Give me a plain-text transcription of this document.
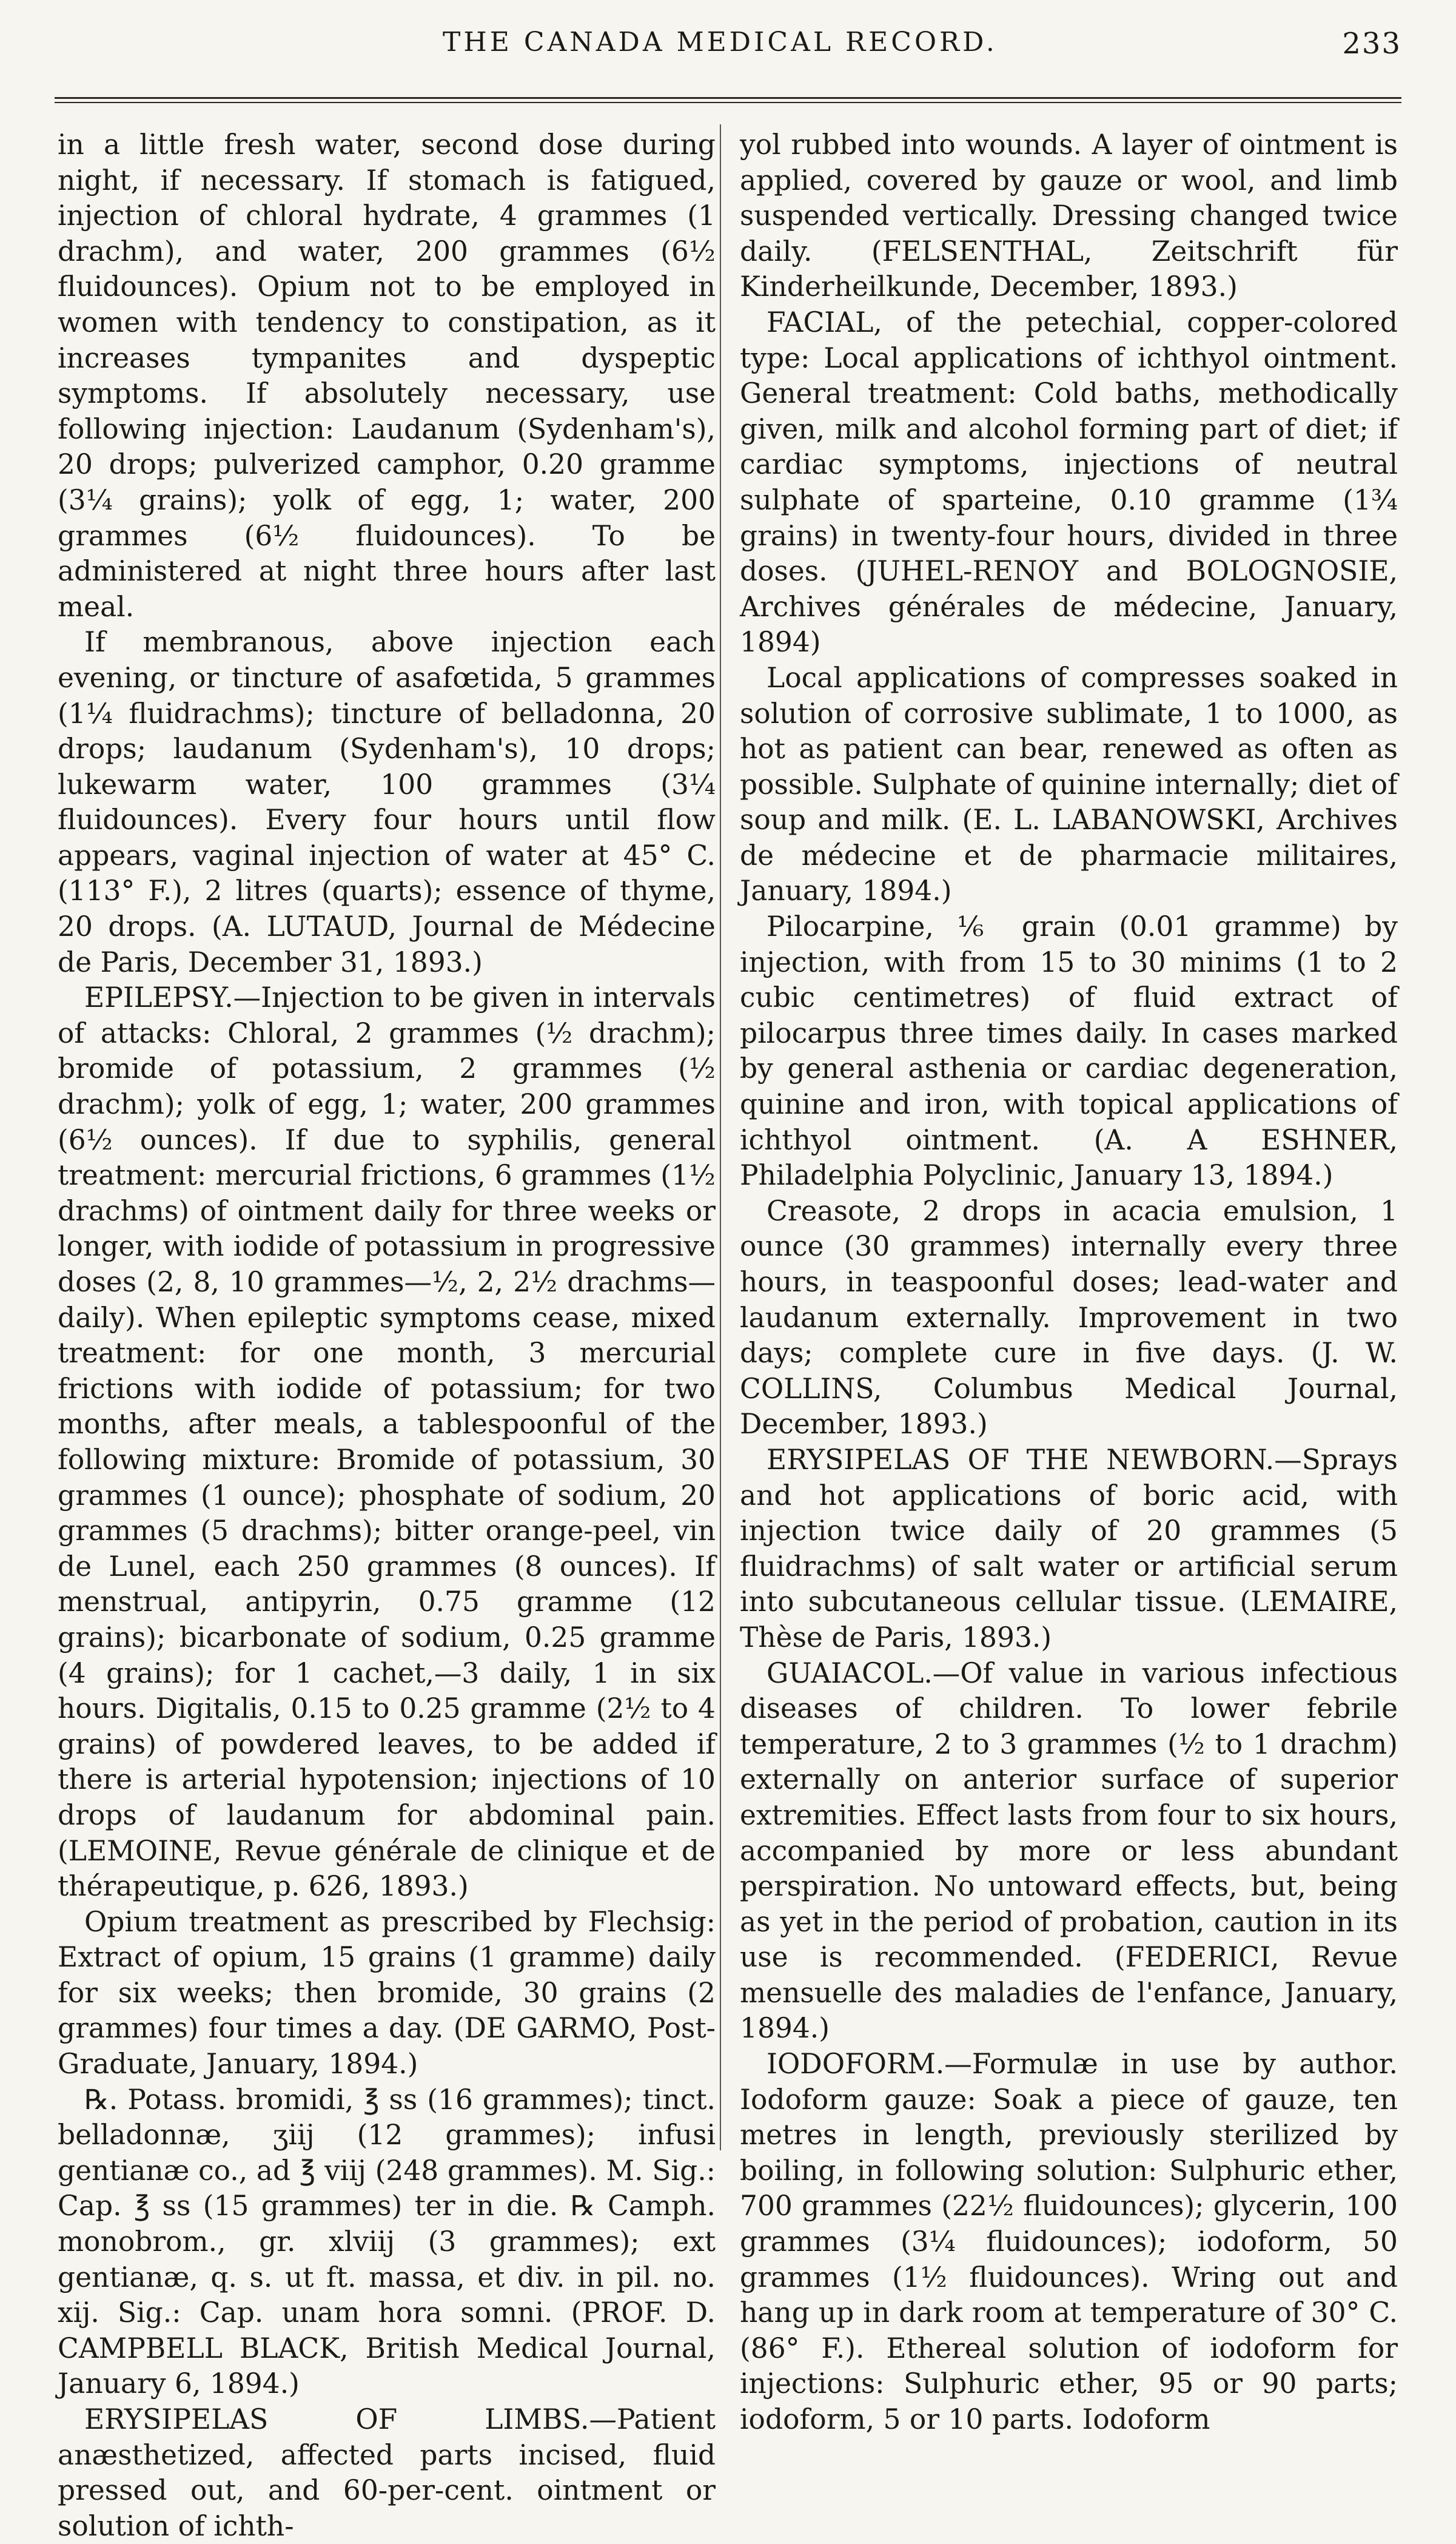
THE CANADA MEDICAL RECORD.	233

in a little fresh water, second dose during night, if necessary. If stomach is fatigued, injection of chloral hydrate, 4 grammes (1 drachm), and water, 200 grammes (6½ fluidounces). Opium not to be employed in women with tendency to constipation, as it increases tympanites and dyspeptic symptoms. If absolutely necessary, use following injection: Laudanum (Sydenham's), 20 drops; pulverized camphor, 0.20 gramme (3¼ grains); yolk of egg, 1; water, 200 grammes (6½ fluidounces). To be administered at night three hours after last meal.

If membranous, above injection each evening, or tincture of asafœtida, 5 grammes (1¼ fluidrachms); tincture of belladonna, 20 drops; laudanum (Sydenham's), 10 drops; lukewarm water, 100 grammes (3¼ fluidounces). Every four hours until flow appears, vaginal injection of water at 45° C. (113° F.), 2 litres (quarts); essence of thyme, 20 drops. (A. LUTAUD, Journal de Médecine de Paris, December 31, 1893.)

EPILEPSY.—Injection to be given in intervals of attacks: Chloral, 2 grammes (½ drachm); bromide of potassium, 2 grammes (½ drachm); yolk of egg, 1; water, 200 grammes (6½ ounces). If due to syphilis, general treatment: mercurial frictions, 6 grammes (1½ drachms) of ointment daily for three weeks or longer, with iodide of potassium in progressive doses (2, 8, 10 grammes—½, 2, 2½ drachms—daily). When epileptic symptoms cease, mixed treatment: for one month, 3 mercurial frictions with iodide of potassium; for two months, after meals, a tablespoonful of the following mixture: Bromide of potassium, 30 grammes (1 ounce); phosphate of sodium, 20 grammes (5 drachms); bitter orange-peel, vin de Lunel, each 250 grammes (8 ounces). If menstrual, antipyrin, 0.75 gramme (12 grains); bicarbonate of sodium, 0.25 gramme (4 grains); for 1 cachet,—3 daily, 1 in six hours. Digitalis, 0.15 to 0.25 gramme (2½ to 4 grains) of powdered leaves, to be added if there is arterial hypotension; injections of 10 drops of laudanum for abdominal pain. (LEMOINE, Revue générale de clinique et de thérapeutique, p. 626, 1893.)

Opium treatment as prescribed by Flechsig: Extract of opium, 15 grains (1 gramme) daily for six weeks; then bromide, 30 grains (2 grammes) four times a day. (DE GARMO, Post-Graduate, January, 1894.)

℞. Potass. bromidi, ℥ ss (16 grammes); tinct. belladonnæ, ʒiij (12 grammes); infusi gentianæ co., ad ℥ viij (248 grammes). M. Sig.: Cap. ℥ ss (15 grammes) ter in die. ℞ Camph. monobrom., gr. xlviij (3 grammes); ext gentianæ, q. s. ut ft. massa, et div. in pil. no. xij. Sig.: Cap. unam hora somni. (PROF. D. CAMPBELL BLACK, British Medical Journal, January 6, 1894.)

ERYSIPELAS OF LIMBS.—Patient anæsthetized, affected parts incised, fluid pressed out, and 60-per-cent. ointment or solution of ichth-

yol rubbed into wounds. A layer of ointment is applied, covered by gauze or wool, and limb suspended vertically. Dressing changed twice daily. (FELSENTHAL, Zeitschrift für Kinderheilkunde, December, 1893.)

FACIAL, of the petechial, copper-colored type: Local applications of ichthyol ointment. General treatment: Cold baths, methodically given, milk and alcohol forming part of diet; if cardiac symptoms, injections of neutral sulphate of sparteine, 0.10 gramme (1¾ grains) in twenty-four hours, divided in three doses. (JUHEL-RENOY and BOLOGNOSIE, Archives générales de médecine, January, 1894)

Local applications of compresses soaked in solution of corrosive sublimate, 1 to 1000, as hot as patient can bear, renewed as often as possible. Sulphate of quinine internally; diet of soup and milk. (E. L. LABANOWSKI, Archives de médecine et de pharmacie militaires, January, 1894.)

Pilocarpine, ⅙ grain (0.01 gramme) by injection, with from 15 to 30 minims (1 to 2 cubic centimetres) of fluid extract of pilocarpus three times daily. In cases marked by general asthenia or cardiac degeneration, quinine and iron, with topical applications of ichthyol ointment. (A. A ESHNER, Philadelphia Polyclinic, January 13, 1894.)

Creasote, 2 drops in acacia emulsion, 1 ounce (30 grammes) internally every three hours, in teaspoonful doses; lead-water and laudanum externally. Improvement in two days; complete cure in five days. (J. W. COLLINS, Columbus Medical Journal, December, 1893.)

ERYSIPELAS OF THE NEWBORN.—Sprays and hot applications of boric acid, with injection twice daily of 20 grammes (5 fluidrachms) of salt water or artificial serum into subcutaneous cellular tissue. (LEMAIRE, Thèse de Paris, 1893.)

GUAIACOL.—Of value in various infectious diseases of children. To lower febrile temperature, 2 to 3 grammes (½ to 1 drachm) externally on anterior surface of superior extremities. Effect lasts from four to six hours, accompanied by more or less abundant perspiration. No untoward effects, but, being as yet in the period of probation, caution in its use is recommended. (FEDERICI, Revue mensuelle des maladies de l'enfance, January, 1894.)

IODOFORM.—Formulæ in use by author. Iodoform gauze: Soak a piece of gauze, ten metres in length, previously sterilized by boiling, in following solution: Sulphuric ether, 700 grammes (22½ fluidounces); glycerin, 100 grammes (3¼ fluidounces); iodoform, 50 grammes (1½ fluidounces). Wring out and hang up in dark room at temperature of 30° C. (86° F.). Ethereal solution of iodoform for injections: Sulphuric ether, 95 or 90 parts; iodoform, 5 or 10 parts. Iodoform
